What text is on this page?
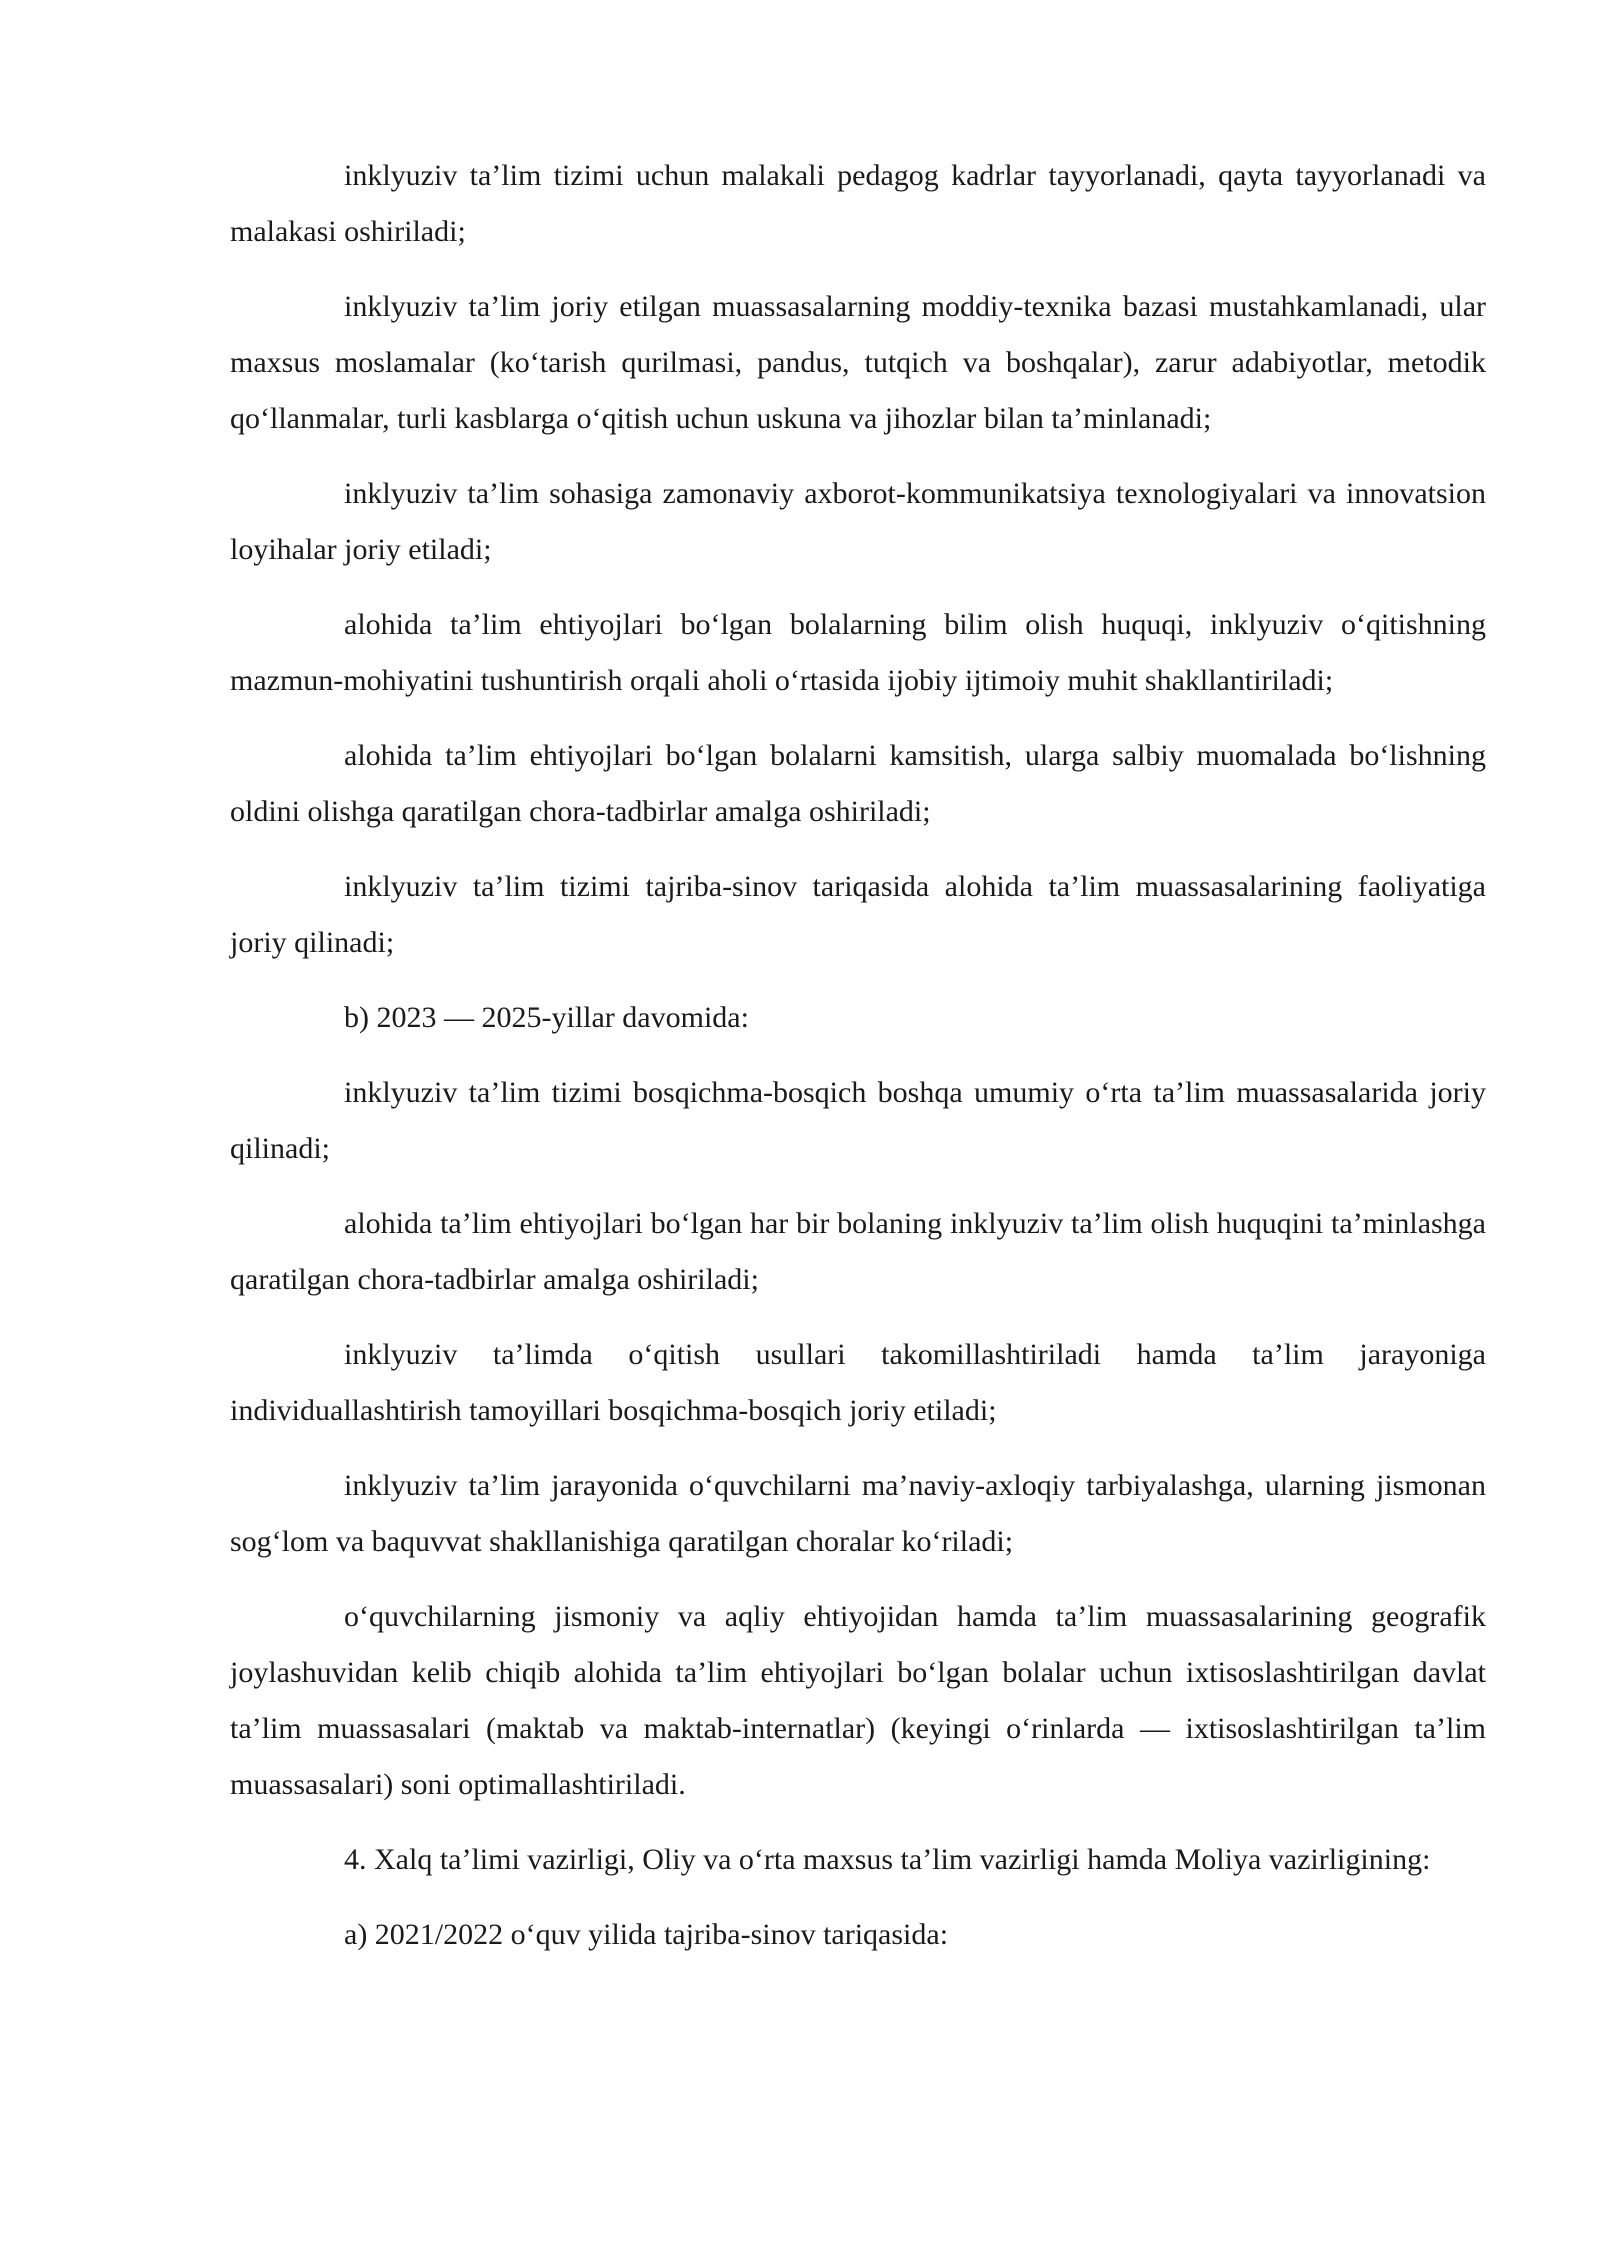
inklyuziv ta’lim tizimi uchun malakali pedagog kadrlar tayyorlanadi, qayta tayyorlanadi va malakasi oshiriladi;

inklyuziv ta’lim joriy etilgan muassasalarning moddiy-texnika bazasi mustahkamlanadi, ular maxsus moslamalar (ko‘tarish qurilmasi, pandus, tutqich va boshqalar), zarur adabiyotlar, metodik qo‘llanmalar, turli kasblarga o‘qitish uchun uskuna va jihozlar bilan ta’minlanadi;

inklyuziv ta’lim sohasiga zamonaviy axborot-kommunikatsiya texnologiyalari va innovatsion loyihalar joriy etiladi;

alohida ta’lim ehtiyojlari bo‘lgan bolalarning bilim olish huquqi, inklyuziv o‘qitishning mazmun-mohiyatini tushuntirish orqali aholi o‘rtasida ijobiy ijtimoiy muhit shakllantiriladi;

alohida ta’lim ehtiyojlari bo‘lgan bolalarni kamsitish, ularga salbiy muomalada bo‘lishning oldini olishga qaratilgan chora-tadbirlar amalga oshiriladi;

inklyuziv ta’lim tizimi tajriba-sinov tariqasida alohida ta’lim muassasalarining faoliyatiga joriy qilinadi;

b) 2023 — 2025-yillar davomida:

inklyuziv ta’lim tizimi bosqichma-bosqich boshqa umumiy o‘rta ta’lim muassasalarida joriy qilinadi;

alohida ta’lim ehtiyojlari bo‘lgan har bir bolaning inklyuziv ta’lim olish huquqini ta’minlashga qaratilgan chora-tadbirlar amalga oshiriladi;

inklyuziv ta’limda o‘qitish usullari takomillashtiriladi hamda ta’lim jarayoniga individuallashtirish tamoyillari bosqichma-bosqich joriy etiladi;

inklyuziv ta’lim jarayonida o‘quvchilarni ma’naviy-axloqiy tarbiyalashga, ularning jismonan sog‘lom va baquvvat shakllanishiga qaratilgan choralar ko‘riladi;

o‘quvchilarning jismoniy va aqliy ehtiyojidan hamda ta’lim muassasalarining geografik joylashuvidan kelib chiqib alohida ta’lim ehtiyojlari bo‘lgan bolalar uchun ixtisoslashtirilgan davlat ta’lim muassasalari (maktab va maktab-internatlar) (keyingi o‘rinlarda — ixtisoslashtirilgan ta’lim muassasalari) soni optimallashtiriladi.

4. Xalq ta’limi vazirligi, Oliy va o‘rta maxsus ta’lim vazirligi hamda Moliya vazirligining:

a) 2021/2022 o‘quv yilida tajriba-sinov tariqasida:
